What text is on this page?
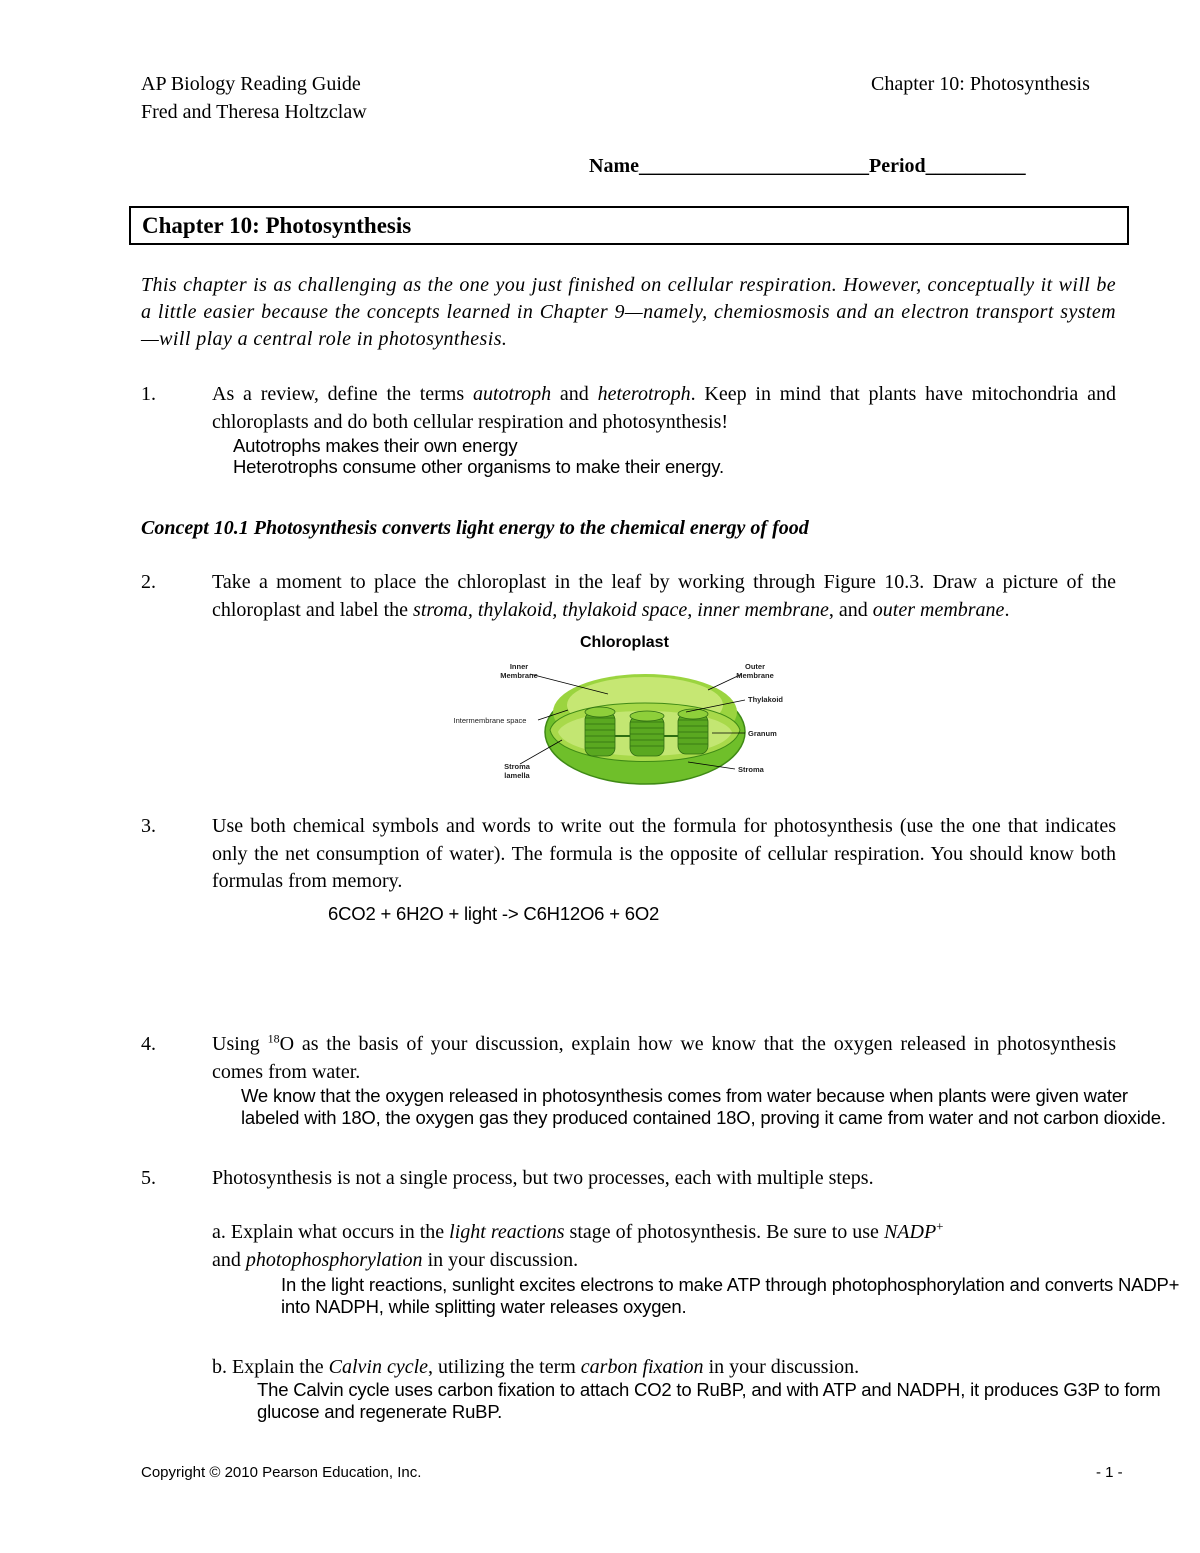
AP Biology Reading Guide
Fred and Theresa Holtzclaw
Chapter 10: Photosynthesis
Name_______________________Period__________
Chapter 10: Photosynthesis
This chapter is as challenging as the one you just finished on cellular respiration. However, conceptually it will be a little easier because the concepts learned in Chapter 9—namely, chemiosmosis and an electron transport system—will play a central role in photosynthesis.
1.	As a review, define the terms autotroph and heterotroph. Keep in mind that plants have mitochondria and chloroplasts and do both cellular respiration and photosynthesis!
Autotrophs makes their own energy
Heterotrophs consume other organisms to make their energy.
Concept 10.1 Photosynthesis converts light energy to the chemical energy of food
2.	Take a moment to place the chloroplast in the leaf by working through Figure 10.3. Draw a picture of the chloroplast and label the stroma, thylakoid, thylakoid space, inner membrane, and outer membrane.
Chloroplast
Inner Membrane
Outer Membrane
Thylakoid
Intermembrane space
Granum
Stroma lamella
Stroma
3.	Use both chemical symbols and words to write out the formula for photosynthesis (use the one that indicates only the net consumption of water). The formula is the opposite of cellular respiration. You should know both formulas from memory.
6CO2 + 6H2O + light -> C6H12O6 + 6O2
4.	Using $^{18}$O as the basis of your discussion, explain how we know that the oxygen released in photosynthesis comes from water.
We know that the oxygen released in photosynthesis comes from water because when plants were given water labeled with 18O, the oxygen gas they produced contained 18O, proving it came from water and not carbon dioxide.
5.	Photosynthesis is not a single process, but two processes, each with multiple steps.
a. Explain what occurs in the light reactions stage of photosynthesis. Be sure to use NADP+
and photophosphorylation in your discussion.
In the light reactions, sunlight excites electrons to make ATP through photophosphorylation and converts NADP+ into NADPH, while splitting water releases oxygen.
b. Explain the Calvin cycle, utilizing the term carbon fixation in your discussion.
The Calvin cycle uses carbon fixation to attach CO2 to RuBP, and with ATP and NADPH, it produces G3P to form glucose and regenerate RuBP.
Copyright © 2010 Pearson Education, Inc.	- 1 -
